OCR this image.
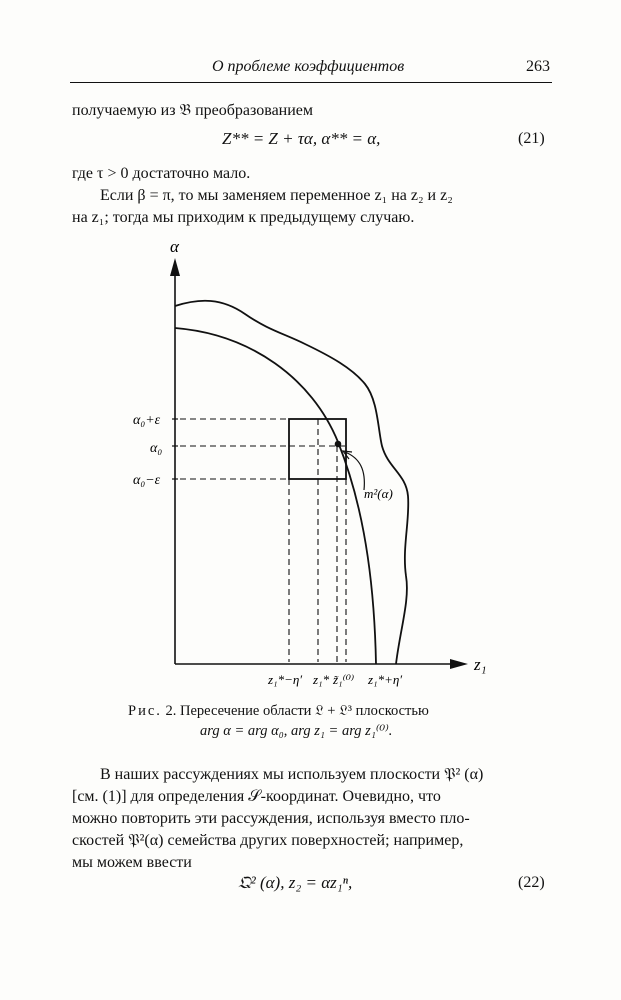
О проблеме коэффициентов	263
получаемую из 𝔅 преобразованием
Z** = Z + τα, α** = α,	(21)
где τ > 0 достаточно мало.
Если β = π, то мы заменяем переменное z₁ на z₂ и z₂
на z₁; тогда мы приходим к предыдущему случаю.
α
z₁
α₀+ε
α₀
α₀−ε
m²(α)
z₁*−η′ z₁* z̃₁⁽⁰⁾ z₁*+η′
Рис. 2. Пересечение области 𝔏 + 𝔏³ плоскостью
arg α = arg α₀, arg z₁ = arg z₁⁽⁰⁾.
В наших рассуждениях мы используем плоскости 𝔓² (α)
[см. (1)] для определения 𝒮-координат. Очевидно, что
можно повторить эти рассуждения, используя вместо пло-
скостей 𝔓²(α) семейства других поверхностей; например,
мы можем ввести
𝔔² (α), z₂ = αz₁ⁿ,	(22)
